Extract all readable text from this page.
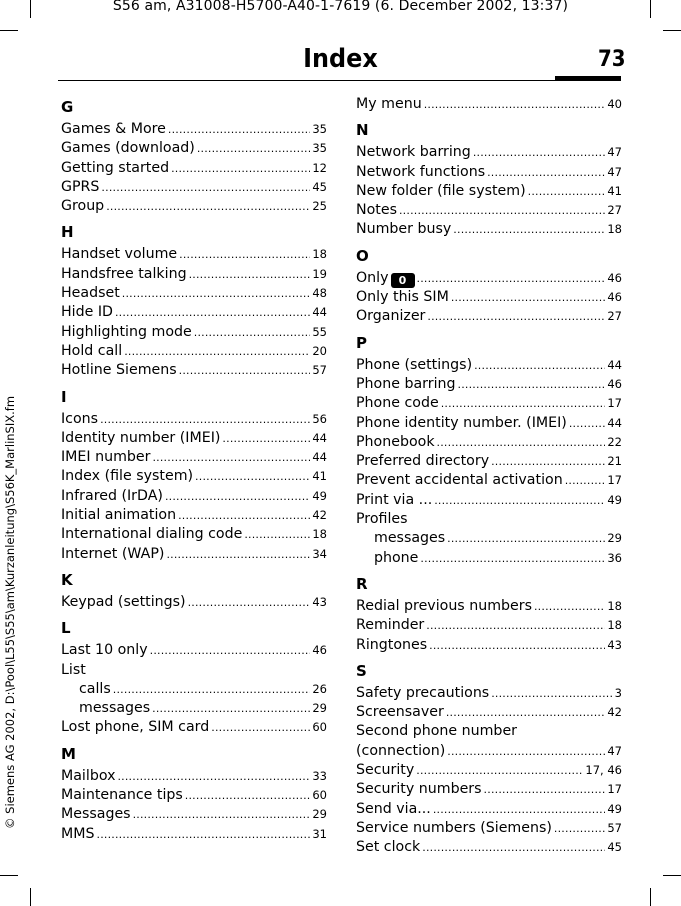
S56 am, A31008-H5700-A40-1-7619 (6. December 2002, 13:37)
© Siemens AG 2002, D:\Pool\L55\S55\am\Kurzanleitung\S56K_MarlinSIX.fm
Index	73
G
Games & More .....	35
Games (download) .....	35
Getting started .....	12
GPRS .....	45
Group .....	25
H
Handset volume .....	18
Handsfree talking .....	19
Headset .....	48
Hide ID .....	44
Highlighting mode .....	55
Hold call .....	20
Hotline Siemens .....	57
I
Icons .....	56
Identity number (IMEI) .....	44
IMEI number .....	44
Index (file system) .....	41
Infrared (IrDA) .....	49
Initial animation .....	42
International dialing code .....	18
Internet (WAP) .....	34
K
Keypad (settings) .....	43
L
Last 10 only .....	46
List
calls .....	26
messages .....	29
Lost phone, SIM card .....	60
M
Mailbox .....	33
Maintenance tips .....	60
Messages .....	29
MMS .....	31
My menu .....	40
N
Network barring .....	47
Network functions .....	47
New folder (file system) .....	41
Notes .....	27
Number busy .....	18
O
Only 0 .....	46
Only this SIM .....	46
Organizer .....	27
P
Phone (settings) .....	44
Phone barring .....	46
Phone code .....	17
Phone identity number. (IMEI) .....	44
Phonebook .....	22
Preferred directory .....	21
Prevent accidental activation .....	17
Print via ... .....	49
Profiles
messages .....	29
phone .....	36
R
Redial previous numbers .....	18
Reminder .....	18
Ringtones .....	43
S
Safety precautions .....	3
Screensaver .....	42
Second phone number
(connection) .....	47
Security .....	17, 46
Security numbers .....	17
Send via... .....	49
Service numbers (Siemens) .....	57
Set clock .....	45
